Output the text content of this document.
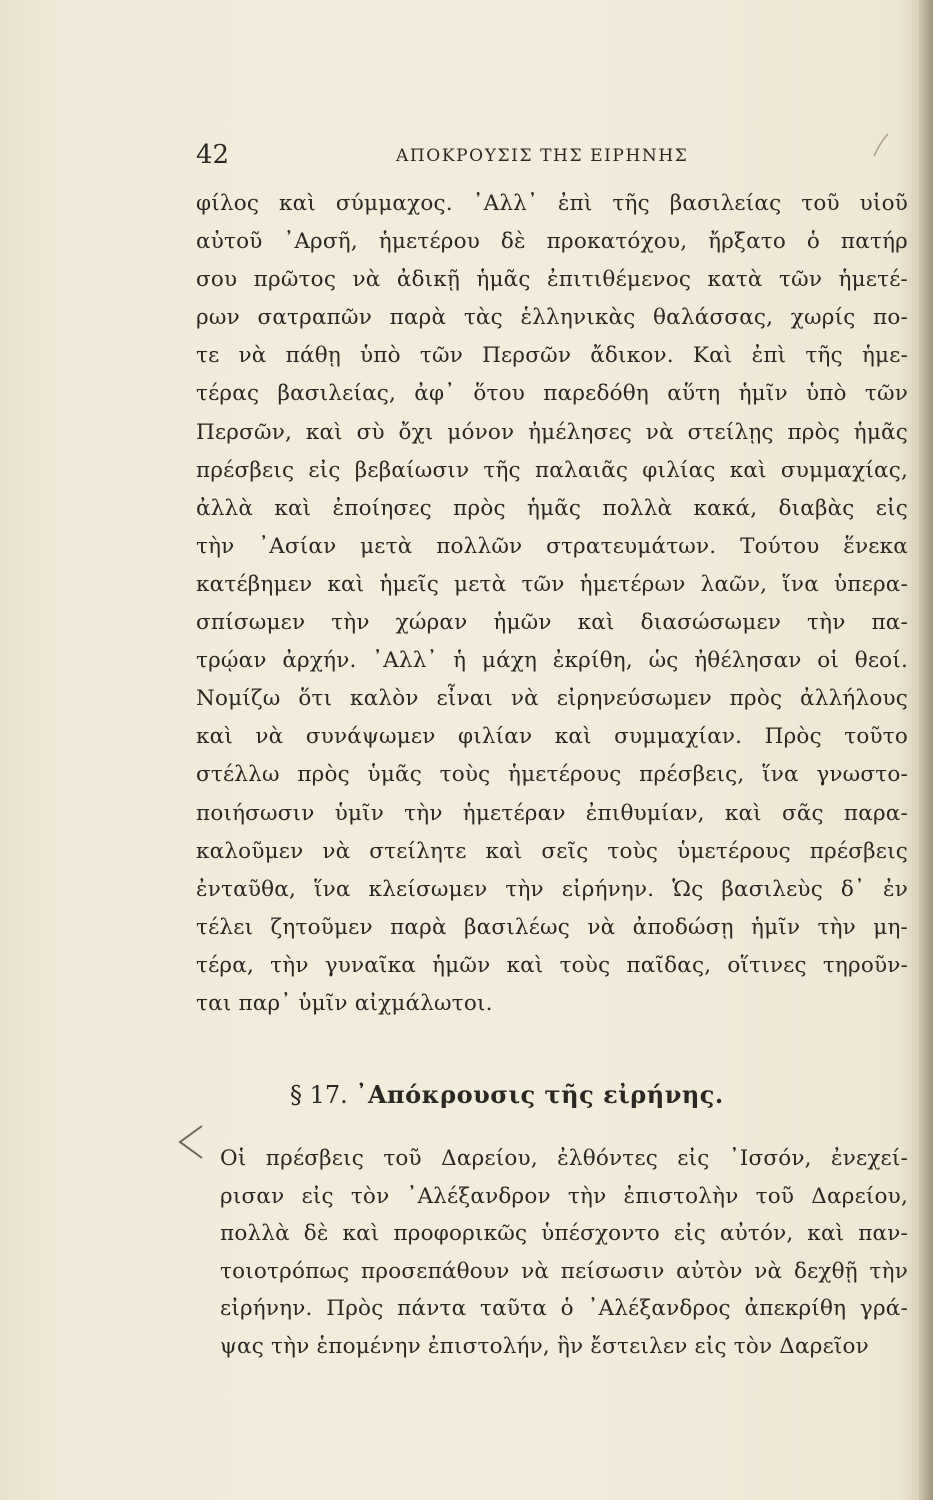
42	ΑΠΟΚΡΟΥΣΙΣ ΤΗΣ ΕΙΡΗΝΗΣ
φίλος καὶ σύμμαχος. ᾿Αλλ᾿ ἐπὶ τῆς βασιλείας τοῦ υἱοῦ
αὐτοῦ ᾿Αρσῆ, ἡμετέρου δὲ προκατόχου, ἤρξατο ὁ πατήρ
σου πρῶτος νὰ ἀδικῇ ἡμᾶς ἐπιτιθέμενος κατὰ τῶν ἡμετέ-
ρων σατραπῶν παρὰ τὰς ἑλληνικὰς θαλάσσας, χωρίς πο-
τε νὰ πάθῃ ὑπὸ τῶν Περσῶν ἄδικον. Καὶ ἐπὶ τῆς ἡμε-
τέρας βασιλείας, ἀφ᾿ ὅτου παρεδόθη αὕτη ἡμῖν ὑπὸ τῶν
Περσῶν, καὶ σὺ ὄχι μόνον ἠμέλησες νὰ στείλῃς πρὸς ἡμᾶς
πρέσβεις εἰς βεβαίωσιν τῆς παλαιᾶς φιλίας καὶ συμμαχίας,
ἀλλὰ καὶ ἐποίησες πρὸς ἡμᾶς πολλὰ κακά, διαβὰς εἰς
τὴν ᾿Ασίαν μετὰ πολλῶν στρατευμάτων. Τούτου ἕνεκα
κατέβημεν καὶ ἡμεῖς μετὰ τῶν ἡμετέρων λαῶν, ἵνα ὑπερα-
σπίσωμεν τὴν χώραν ἡμῶν καὶ διασώσωμεν τὴν πα-
τρῴαν ἀρχήν. ᾿Αλλ᾿ ἡ μάχη ἐκρίθη, ὡς ἠθέλησαν οἱ θεοί.
Νομίζω ὅτι καλὸν εἶναι νὰ εἰρηνεύσωμεν πρὸς ἀλλήλους
καὶ νὰ συνάψωμεν φιλίαν καὶ συμμαχίαν. Πρὸς τοῦτο
στέλλω πρὸς ὑμᾶς τοὺς ἡμετέρους πρέσβεις, ἵνα γνωστο-
ποιήσωσιν ὑμῖν τὴν ἡμετέραν ἐπιθυμίαν, καὶ σᾶς παρα-
καλοῦμεν νὰ στείλητε καὶ σεῖς τοὺς ὑμετέρους πρέσβεις
ἐνταῦθα, ἵνα κλείσωμεν τὴν εἰρήνην. Ὡς βασιλεὺς δ᾿ ἐν
τέλει ζητοῦμεν παρὰ βασιλέως νὰ ἀποδώσῃ ἡμῖν τὴν μη-
τέρα, τὴν γυναῖκα ἡμῶν καὶ τοὺς παῖδας, οἵτινες τηροῦν-
ται παρ᾿ ὑμῖν αἰχμάλωτοι.
§ 17. ᾿Απόκρουσις τῆς εἰρήνης.
Οἱ πρέσβεις τοῦ Δαρείου, ἐλθόντες εἰς ᾿Ισσόν, ἐνεχεί-
ρισαν εἰς τὸν ᾿Αλέξανδρον τὴν ἐπιστολὴν τοῦ Δαρείου,
πολλὰ δὲ καὶ προφορικῶς ὑπέσχοντο εἰς αὐτόν, καὶ παν-
τοιοτρόπως προσεπάθουν νὰ πείσωσιν αὐτὸν νὰ δεχθῇ τὴν
εἰρήνην. Πρὸς πάντα ταῦτα ὁ ᾿Αλέξανδρος ἀπεκρίθη γρά-
ψας τὴν ἑπομένην ἐπιστολήν, ἣν ἔστειλεν εἰς τὸν Δαρεῖον
